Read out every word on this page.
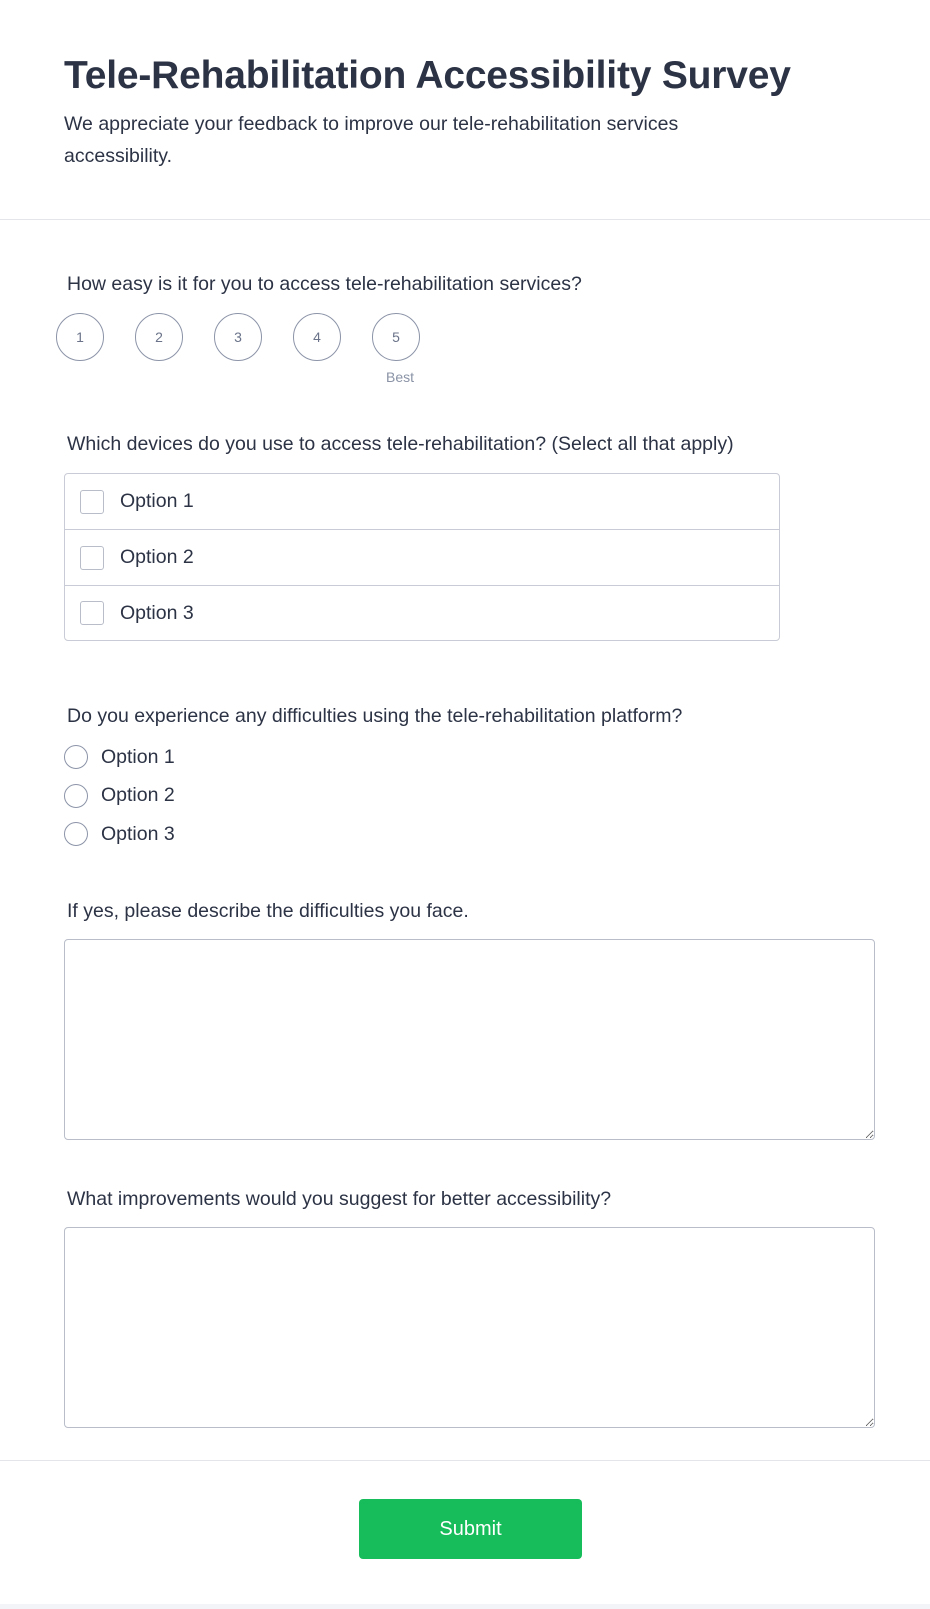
Tele-Rehabilitation Accessibility Survey

We appreciate your feedback to improve our tele-rehabilitation services accessibility.

How easy is it for you to access tele-rehabilitation services?

1	2	3	4	5
Best

Which devices do you use to access tele-rehabilitation? (Select all that apply)

Option 1
Option 2
Option 3

Do you experience any difficulties using the tele-rehabilitation platform?

Option 1
Option 2
Option 3

If yes, please describe the difficulties you face.

What improvements would you suggest for better accessibility?

Submit
